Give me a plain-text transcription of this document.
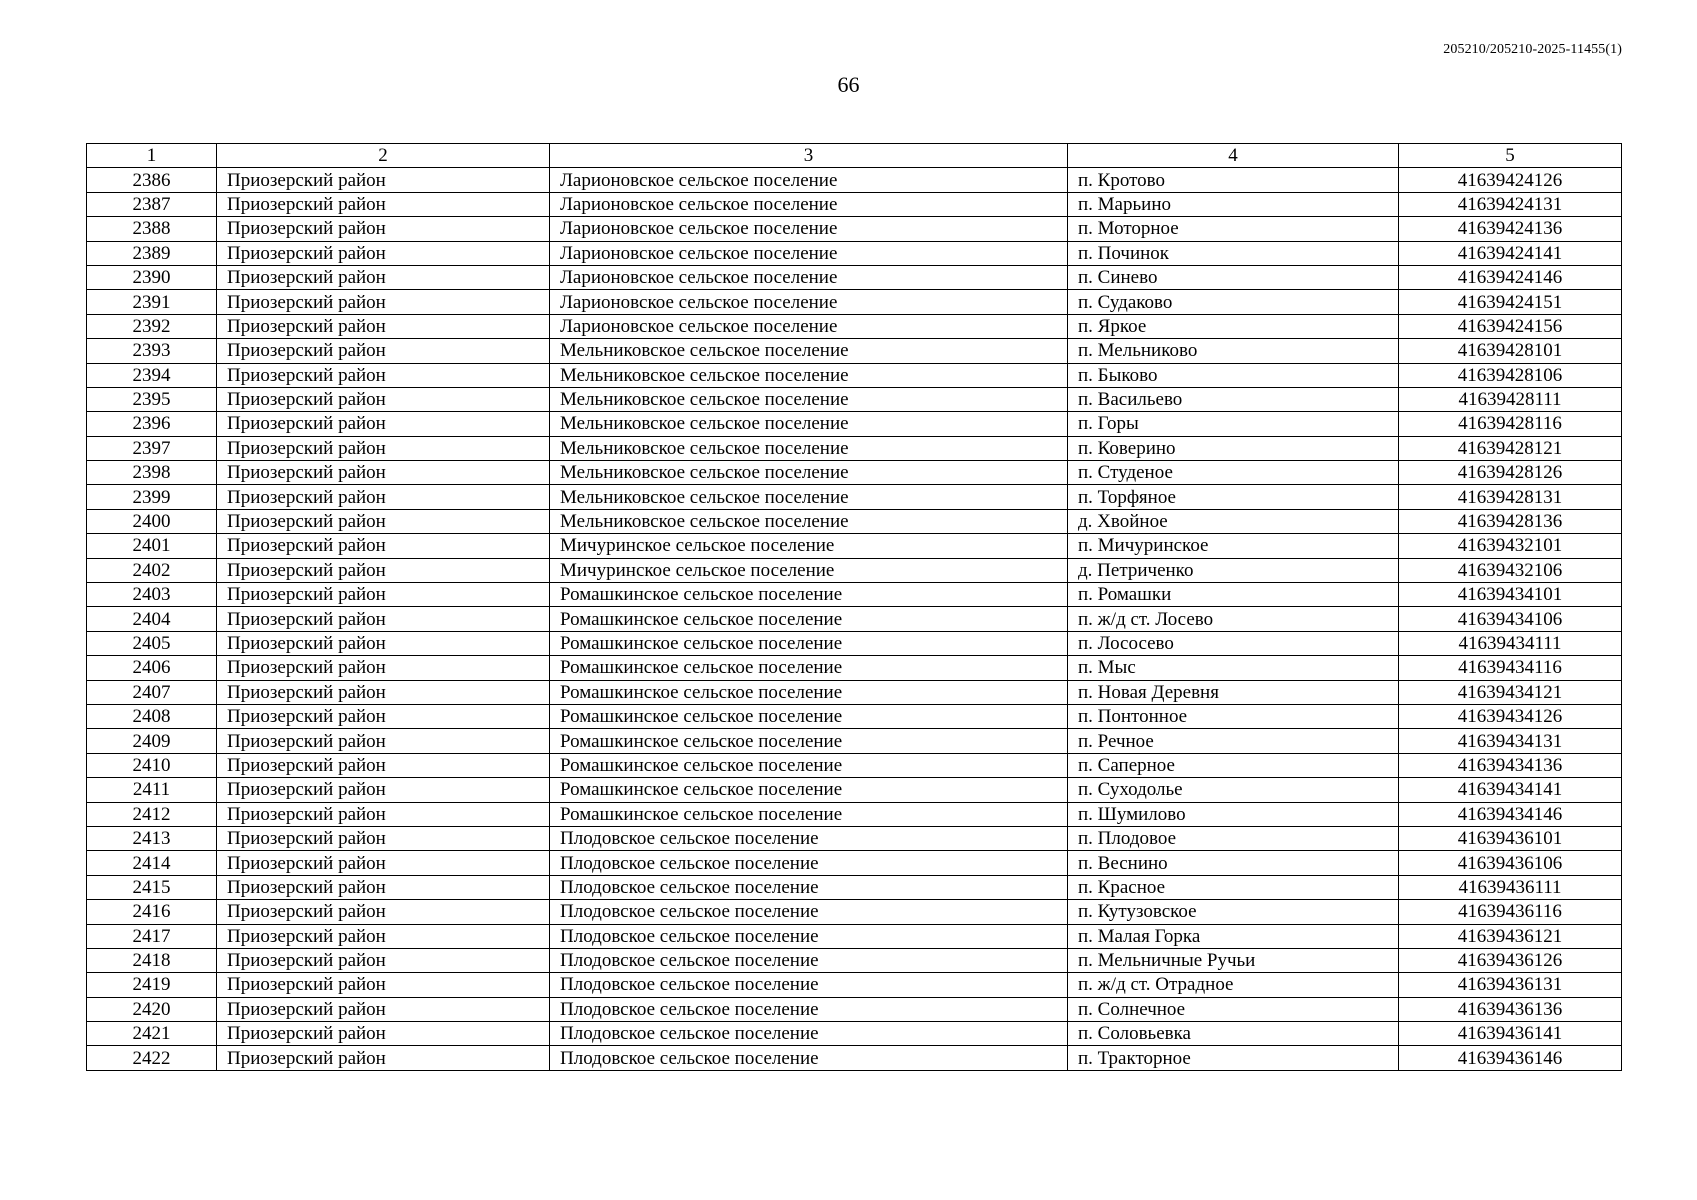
205210/205210-2025-11455(1)
66
1	2	3	4	5
2386	Приозерский район	Ларионовское сельское поселение	п. Кротово	41639424126
2387	Приозерский район	Ларионовское сельское поселение	п. Марьино	41639424131
2388	Приозерский район	Ларионовское сельское поселение	п. Моторное	41639424136
2389	Приозерский район	Ларионовское сельское поселение	п. Починок	41639424141
2390	Приозерский район	Ларионовское сельское поселение	п. Синево	41639424146
2391	Приозерский район	Ларионовское сельское поселение	п. Судаково	41639424151
2392	Приозерский район	Ларионовское сельское поселение	п. Яркое	41639424156
2393	Приозерский район	Мельниковское сельское поселение	п. Мельниково	41639428101
2394	Приозерский район	Мельниковское сельское поселение	п. Быково	41639428106
2395	Приозерский район	Мельниковское сельское поселение	п. Васильево	41639428111
2396	Приозерский район	Мельниковское сельское поселение	п. Горы	41639428116
2397	Приозерский район	Мельниковское сельское поселение	п. Коверино	41639428121
2398	Приозерский район	Мельниковское сельское поселение	п. Студеное	41639428126
2399	Приозерский район	Мельниковское сельское поселение	п. Торфяное	41639428131
2400	Приозерский район	Мельниковское сельское поселение	д. Хвойное	41639428136
2401	Приозерский район	Мичуринское сельское поселение	п. Мичуринское	41639432101
2402	Приозерский район	Мичуринское сельское поселение	д. Петриченко	41639432106
2403	Приозерский район	Ромашкинское сельское поселение	п. Ромашки	41639434101
2404	Приозерский район	Ромашкинское сельское поселение	п. ж/д ст. Лосево	41639434106
2405	Приозерский район	Ромашкинское сельское поселение	п. Лососево	41639434111
2406	Приозерский район	Ромашкинское сельское поселение	п. Мыс	41639434116
2407	Приозерский район	Ромашкинское сельское поселение	п. Новая Деревня	41639434121
2408	Приозерский район	Ромашкинское сельское поселение	п. Понтонное	41639434126
2409	Приозерский район	Ромашкинское сельское поселение	п. Речное	41639434131
2410	Приозерский район	Ромашкинское сельское поселение	п. Саперное	41639434136
2411	Приозерский район	Ромашкинское сельское поселение	п. Суходолье	41639434141
2412	Приозерский район	Ромашкинское сельское поселение	п. Шумилово	41639434146
2413	Приозерский район	Плодовское сельское поселение	п. Плодовое	41639436101
2414	Приозерский район	Плодовское сельское поселение	п. Веснино	41639436106
2415	Приозерский район	Плодовское сельское поселение	п. Красное	41639436111
2416	Приозерский район	Плодовское сельское поселение	п. Кутузовское	41639436116
2417	Приозерский район	Плодовское сельское поселение	п. Малая Горка	41639436121
2418	Приозерский район	Плодовское сельское поселение	п. Мельничные Ручьи	41639436126
2419	Приозерский район	Плодовское сельское поселение	п. ж/д ст. Отрадное	41639436131
2420	Приозерский район	Плодовское сельское поселение	п. Солнечное	41639436136
2421	Приозерский район	Плодовское сельское поселение	п. Соловьевка	41639436141
2422	Приозерский район	Плодовское сельское поселение	п. Тракторное	41639436146
